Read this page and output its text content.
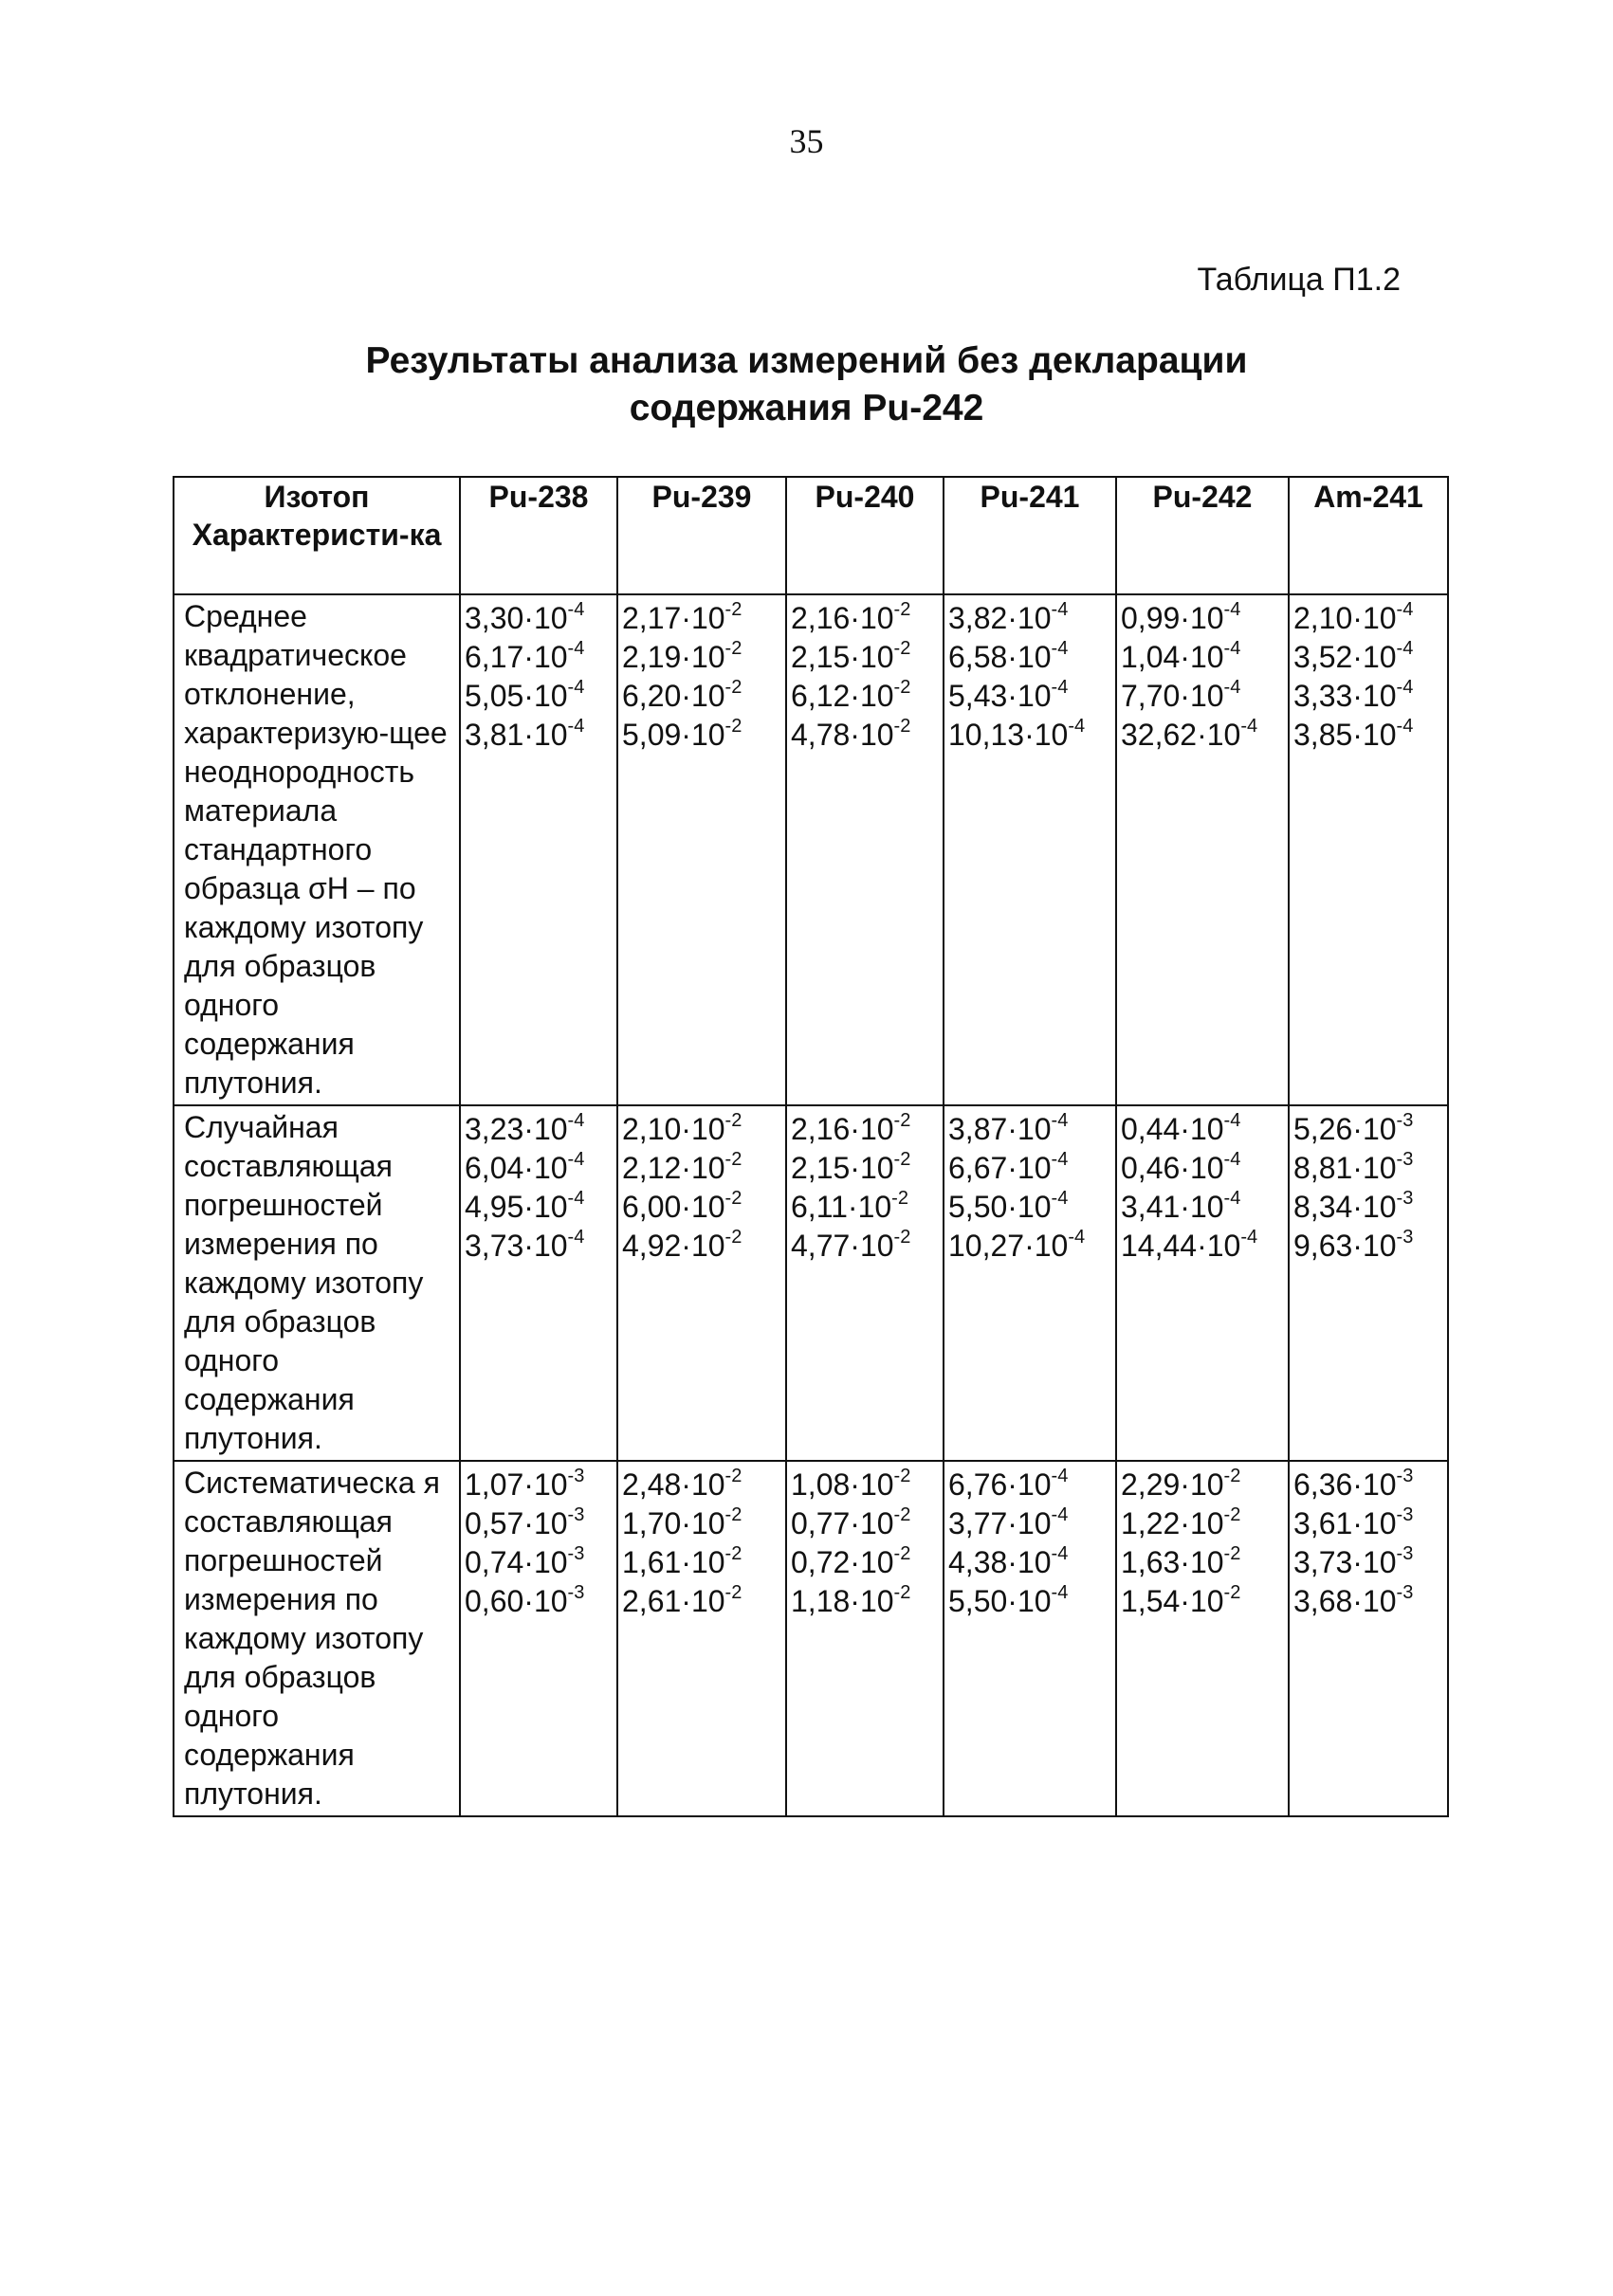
35
Таблица П1.2
Результаты анализа измерений без декларации
содержания Pu-242
Изотоп Характеристи-ка	Pu-238	Pu-239	Pu-240	Pu-241	Pu-242	Am-241
Среднее квадратическое отклонение, характеризую-щее неоднородность материала стандартного образца σH – по каждому изотопу для образцов одного содержания плутония.	$3,30\cdot 10^{-4}$
$6,17\cdot 10^{-4}$
$5,05\cdot 10^{-4}$
$3,81\cdot 10^{-4}$	$2,17\cdot 10^{-2}$
$2,19\cdot 10^{-2}$
$6,20\cdot 10^{-2}$
$5,09\cdot 10^{-2}$	$2,16\cdot 10^{-2}$
$2,15\cdot 10^{-2}$
$6,12\cdot 10^{-2}$
$4,78\cdot 10^{-2}$	$3,82\cdot 10^{-4}$
$6,58\cdot 10^{-4}$
$5,43\cdot 10^{-4}$
$10,13\cdot 10^{-4}$	$0,99\cdot 10^{-4}$
$1,04\cdot 10^{-4}$
$7,70\cdot 10^{-4}$
$32,62\cdot 10^{-4}$	$2,10\cdot 10^{-4}$
$3,52\cdot 10^{-4}$
$3,33\cdot 10^{-4}$
$3,85\cdot 10^{-4}$

Случайная составляющая погрешностей измерения по каждому изотопу для образцов одного содержания плутония.	$3,23\cdot 10^{-4}$
$6,04\cdot 10^{-4}$
$4,95\cdot 10^{-4}$
$3,73\cdot 10^{-4}$	$2,10\cdot 10^{-2}$
$2,12\cdot 10^{-2}$
$6,00\cdot 10^{-2}$
$4,92\cdot 10^{-2}$	$2,16\cdot 10^{-2}$
$2,15\cdot 10^{-2}$
$6,11\cdot 10^{-2}$
$4,77\cdot 10^{-2}$	$3,87\cdot 10^{-4}$
$6,67\cdot 10^{-4}$
$5,50\cdot 10^{-4}$
$10,27\cdot 10^{-4}$	$0,44\cdot 10^{-4}$
$0,46\cdot 10^{-4}$
$3,41\cdot 10^{-4}$
$14,44\cdot 10^{-4}$	$5,26\cdot 10^{-3}$
$8,81\cdot 10^{-3}$
$8,34\cdot 10^{-3}$
$9,63\cdot 10^{-3}$

Систематическа я составляющая погрешностей измерения по каждому изотопу для образцов одного содержания плутония.	$1,07\cdot 10^{-3}$
$0,57\cdot 10^{-3}$
$0,74\cdot 10^{-3}$
$0,60\cdot 10^{-3}$	$2,48\cdot 10^{-2}$
$1,70\cdot 10^{-2}$
$1,61\cdot 10^{-2}$
$2,61\cdot 10^{-2}$	$1,08\cdot 10^{-2}$
$0,77\cdot 10^{-2}$
$0,72\cdot 10^{-2}$
$1,18\cdot 10^{-2}$	$6,76\cdot 10^{-4}$
$3,77\cdot 10^{-4}$
$4,38\cdot 10^{-4}$
$5,50\cdot 10^{-4}$	$2,29\cdot 10^{-2}$
$1,22\cdot 10^{-2}$
$1,63\cdot 10^{-2}$
$1,54\cdot 10^{-2}$	$6,36\cdot 10^{-3}$
$3,61\cdot 10^{-3}$
$3,73\cdot 10^{-3}$
$3,68\cdot 10^{-3}$
